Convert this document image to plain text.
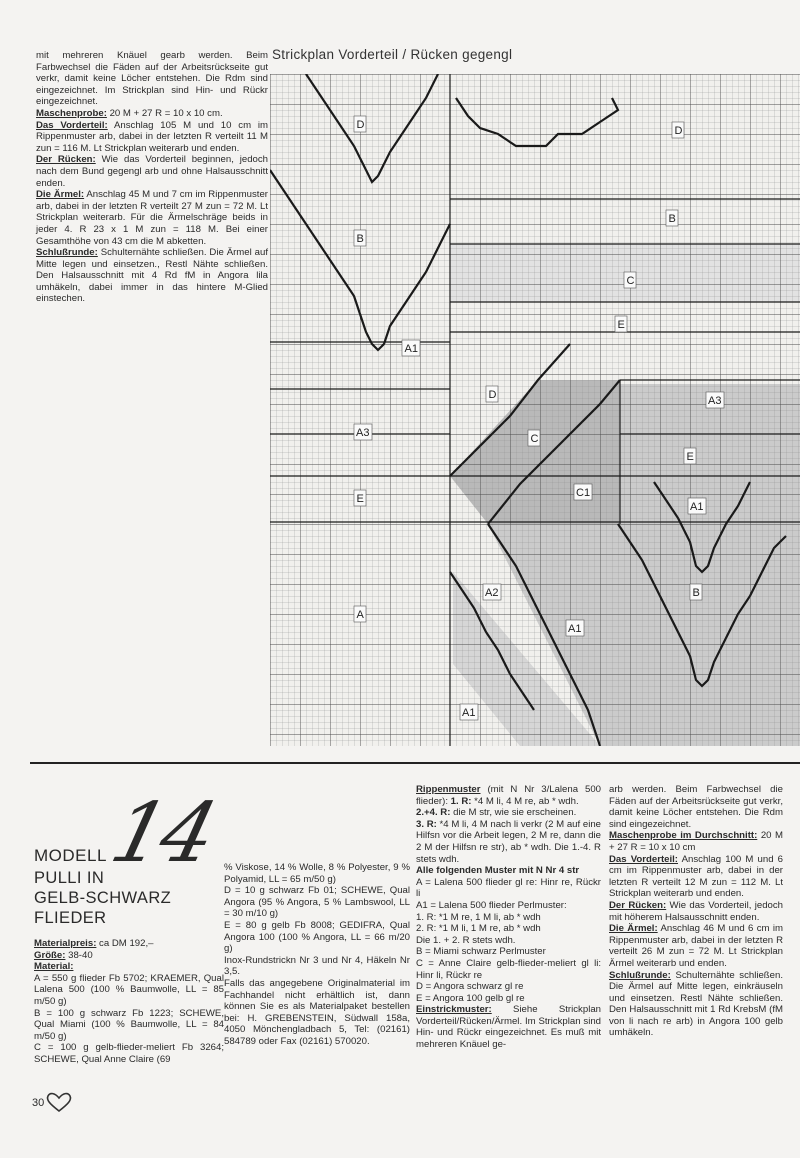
mit mehreren Knäuel gearb werden. Beim Farbwechsel die Fäden auf der Arbeitsrückseite gut verkr, damit keine Löcher entstehen. Die Rdm sind eingezeichnet. Im Strickplan sind Hin- und Rückr eingezeichnet.

Maschenprobe: 20 M + 27 R = 10 x 10 cm.

Das Vorderteil: Anschlag 105 M und 10 cm im Rippenmuster arb, dabei in der letzten R verteilt 11 M zun = 116 M. Lt Strickplan weiterarb und enden.

Der Rücken: Wie das Vorderteil beginnen, jedoch nach dem Bund gegengl arb und ohne Halsausschnitt enden.

Die Ärmel: Anschlag 45 M und 7 cm im Rippenmuster arb, dabei in der letzten R verteilt 27 M zun = 72 M. Lt Strickplan weiterarb. Für die Ärmelschräge beids in jeder 4. R 23 x 1 M zun = 118 M. Bei einer Gesamthöhe von 43 cm die M abketten.

Schlußrunde: Schulternähte schließen. Die Ärmel auf Mitte legen und einsetzen., Restl Nähte schließen. Den Halsausschnitt mit 4 Rd fM in Angora lila umhäkeln, dabei immer in das hintere M-Glied einstechen.

Strickplan Vorderteil / Rücken gegengl
D	D
B
B
C
E
A1
D	A3
C
A3
E
C1
E
A1
B
A
A2
A1
A1
14
MODELL
PULLI IN
GELB-SCHWARZ
FLIEDER

Materialpreis: ca DM 192,–

Größe: 38-40

Material:

A = 550 g flieder Fb 5702; KRAEMER, Qual Lalena 500 (100 % Baumwolle, LL = 85 m/50 g)

B = 100 g schwarz Fb 1223; SCHEWE, Qual Miami (100 % Baumwolle, LL = 84 m/50 g)

C = 100 g gelb-flieder-meliert Fb 3264; SCHEWE, Qual Anne Claire (69

% Viskose, 14 % Wolle, 8 % Polyester, 9 % Polyamid, LL = 65 m/50 g)

D = 10 g schwarz Fb 01; SCHEWE, Qual Angora (95 % Angora, 5 % Lambswool, LL = 30 m/10 g)

E = 80 g gelb Fb 8008; GEDIFRA, Qual Angora 100 (100 % Angora, LL = 66 m/20 g)

Inox-Rundstrickn Nr 3 und Nr 4, Häkeln Nr 3,5.

Falls das angegebene Originalmaterial im Fachhandel nicht erhältlich ist, dann können Sie es als Materialpaket bestellen bei: H. GREBENSTEIN, Südwall 158a, 4050 Mönchengladbach 5, Tel: (02161) 584789 oder Fax (02161) 570020.

Rippenmuster (mit N Nr 3/Lalena 500 flieder): 1. R: *4 M li, 4 M re, ab * wdh.

2.+4. R: die M str, wie sie erscheinen.

3. R: *4 M li, 4 M nach li verkr (2 M auf eine Hilfsn vor die Arbeit legen, 2 M re, dann die 2 M der Hilfsn re str), ab * wdh. Die 1.-4. R stets wdh.

Alle folgenden Muster mit N Nr 4 str

A = Lalena 500 flieder gl re: Hinr re, Rückr li

A1 = Lalena 500 flieder Perlmuster:

1. R: *1 M re, 1 M li, ab * wdh

2. R: *1 M li, 1 M re, ab * wdh

Die 1. + 2. R stets wdh.

B = Miami schwarz Perlmuster

C = Anne Claire gelb-flieder-meliert gl li: Hinr li, Rückr re

D = Angora schwarz gl re

E = Angora 100 gelb gl re

Einstrickmuster: Siehe Strickplan Vorderteil/Rücken/Ärmel. Im Strickplan sind Hin- und Rückr eingezeichnet. Es muß mit mehreren Knäuel ge-

arb werden. Beim Farbwechsel die Fäden auf der Arbeitsrückseite gut verkr, damit keine Löcher entstehen. Die Rdm sind eingezeichnet.

Maschenprobe im Durchschnitt: 20 M + 27 R = 10 x 10 cm

Das Vorderteil: Anschlag 100 M und 6 cm im Rippenmuster arb, dabei in der letzten R verteilt 12 M zun = 112 M. Lt Strickplan weiterarb und enden.

Der Rücken: Wie das Vorderteil, jedoch mit höherem Halsausschnitt enden.

Die Ärmel: Anschlag 46 M und 6 cm im Rippenmuster arb, dabei in der letzten R verteilt 26 M zun = 72 M. Lt Strickplan Ärmel weiterarb und enden.

Schlußrunde: Schulternähte schließen. Die Ärmel auf Mitte legen, einkräuseln und einsetzen. Restl Nähte schließen. Den Halsausschnitt mit 1 Rd KrebsM (fM von li nach re arb) in Angora 100 gelb umhäkeln.

30
